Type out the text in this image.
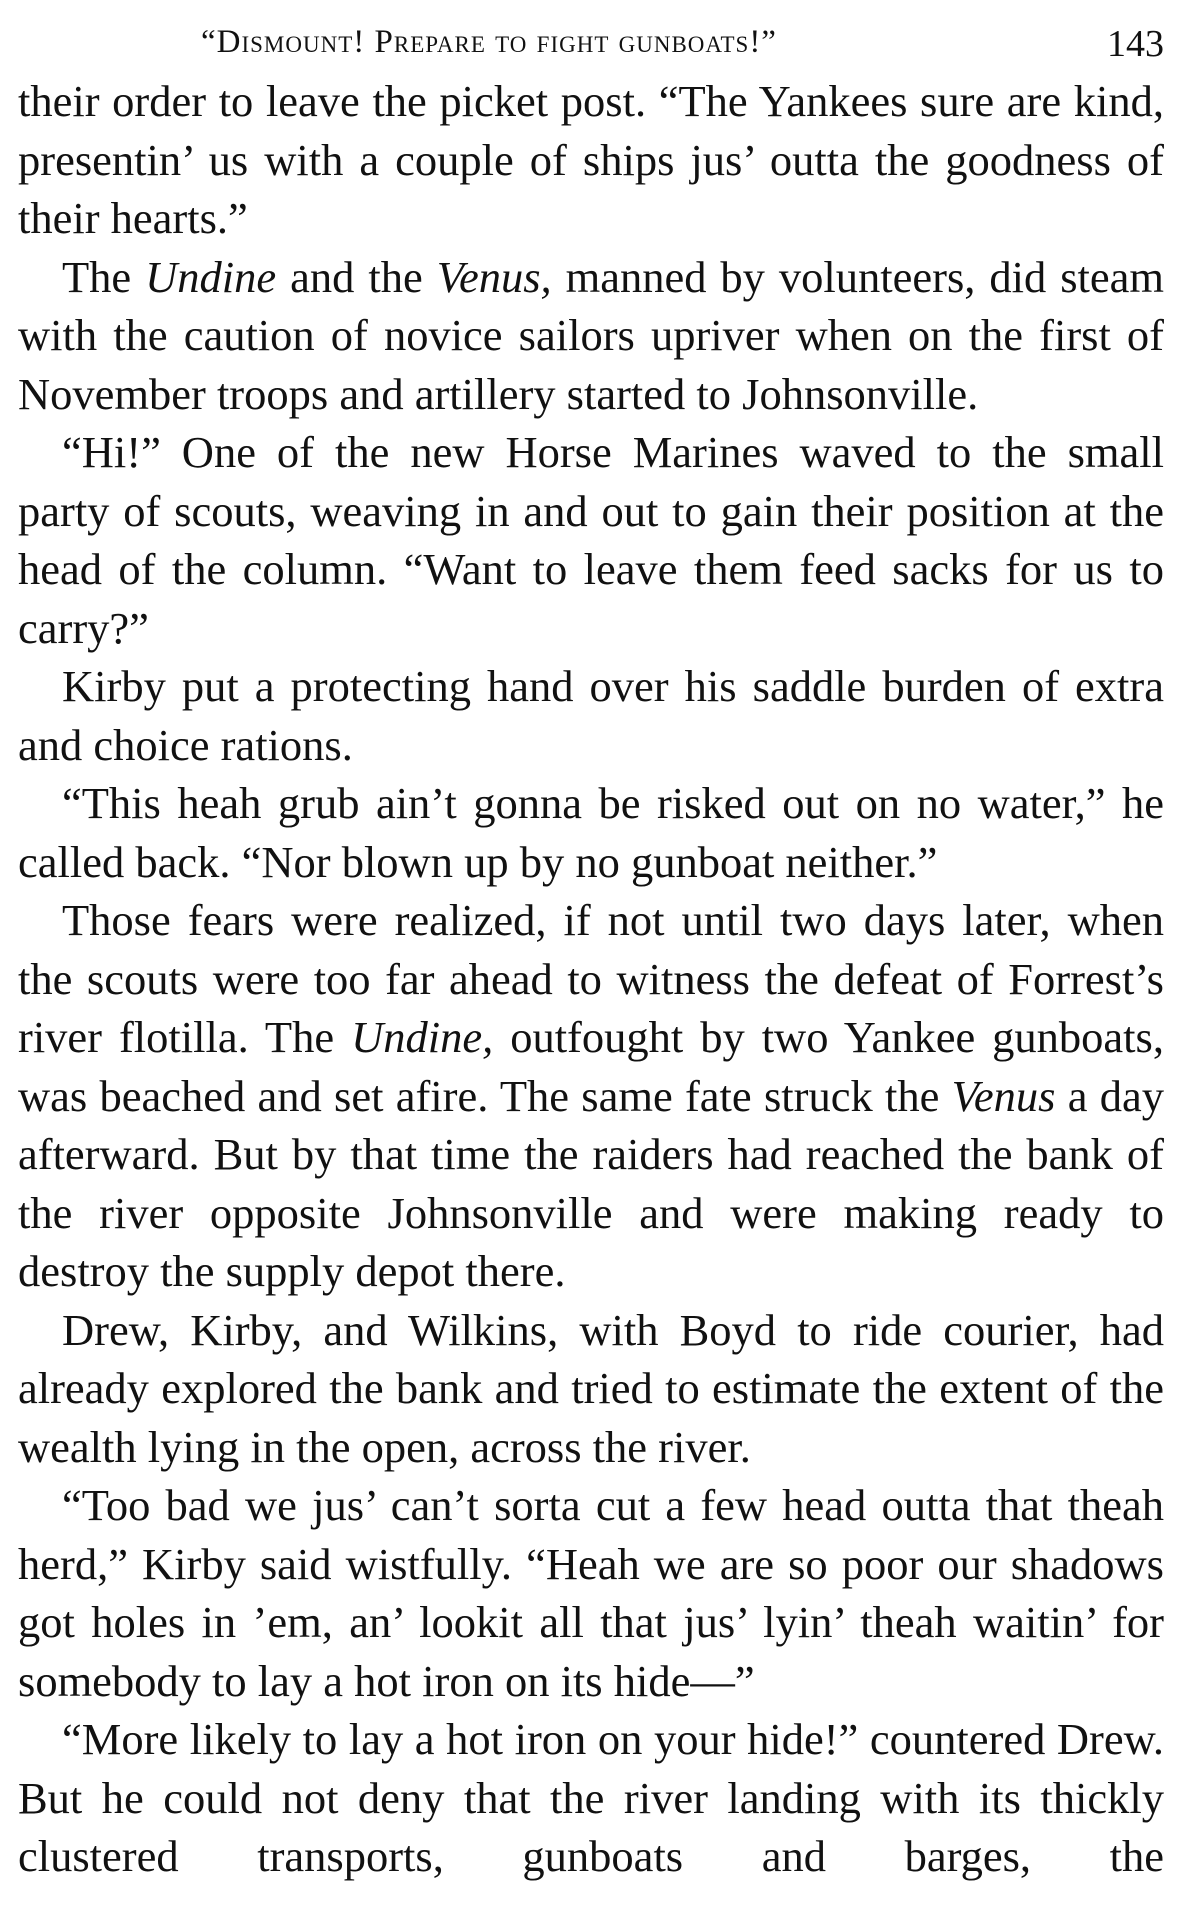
“Dismount! Prepare to fight gunboats!”	143

their order to leave the picket post. “The Yankees sure are kind, presentin’ us with a couple of ships jus’ outta the goodness of their hearts.”

The Undine and the Venus, manned by volunteers, did steam with the caution of novice sailors upriver when on the first of November troops and artillery started to Johnsonville.

“Hi!” One of the new Horse Marines waved to the small party of scouts, weaving in and out to gain their position at the head of the column. “Want to leave them feed sacks for us to carry?”

Kirby put a protecting hand over his saddle burden of extra and choice rations.

“This heah grub ain’t gonna be risked out on no water,” he called back. “Nor blown up by no gunboat neither.”

Those fears were realized, if not until two days later, when the scouts were too far ahead to witness the defeat of Forrest’s river flotilla. The Undine, outfought by two Yankee gunboats, was beached and set afire. The same fate struck the Venus a day afterward. But by that time the raiders had reached the bank of the river opposite Johnsonville and were making ready to destroy the supply depot there.

Drew, Kirby, and Wilkins, with Boyd to ride courier, had already explored the bank and tried to estimate the extent of the wealth lying in the open, across the river.

“Too bad we jus’ can’t sorta cut a few head outta that theah herd,” Kirby said wistfully. “Heah we are so poor our shadows got holes in ’em, an’ lookit all that jus’ lyin’ theah waitin’ for somebody to lay a hot iron on its hide—”

“More likely to lay a hot iron on your hide!” countered Drew. But he could not deny that the river landing with its thickly clustered transports, gunboats and barges, the
